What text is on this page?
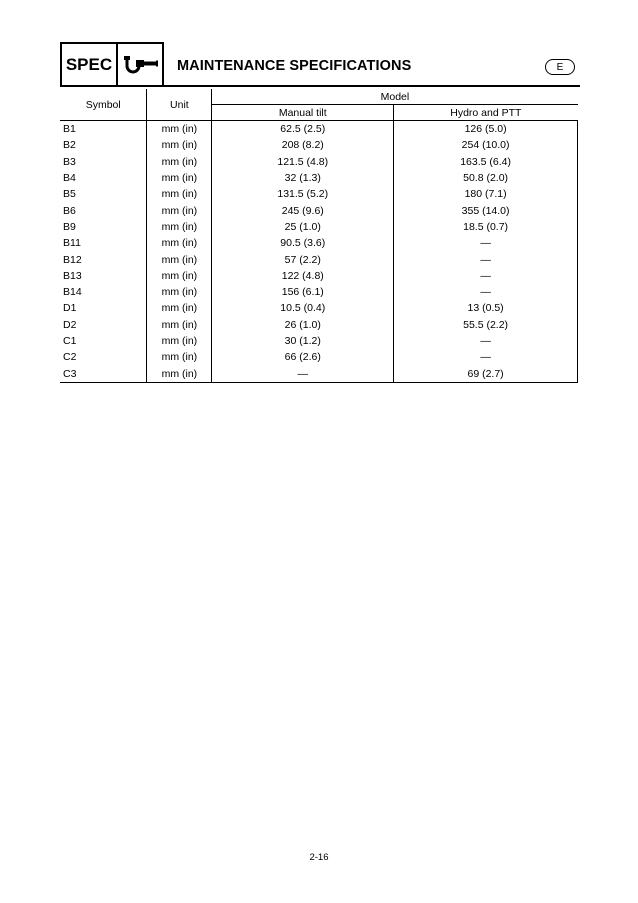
SPEC	MAINTENANCE SPECIFICATIONS	E
Symbol	Unit	Model	
		Manual tilt	Hydro and PTT
B1	mm (in)	62.5 (2.5)	126 (5.0)
B2	mm (in)	208 (8.2)	254 (10.0)
B3	mm (in)	121.5 (4.8)	163.5 (6.4)
B4	mm (in)	32 (1.3)	50.8 (2.0)
B5	mm (in)	131.5 (5.2)	180 (7.1)
B6	mm (in)	245 (9.6)	355 (14.0)
B9	mm (in)	25 (1.0)	18.5 (0.7)
B11	mm (in)	90.5 (3.6)	—
B12	mm (in)	57 (2.2)	—
B13	mm (in)	122 (4.8)	—
B14	mm (in)	156 (6.1)	—
D1	mm (in)	10.5 (0.4)	13 (0.5)
D2	mm (in)	26 (1.0)	55.5 (2.2)
C1	mm (in)	30 (1.2)	—
C2	mm (in)	66 (2.6)	—
C3	mm (in)	—	69 (2.7)
2-16
